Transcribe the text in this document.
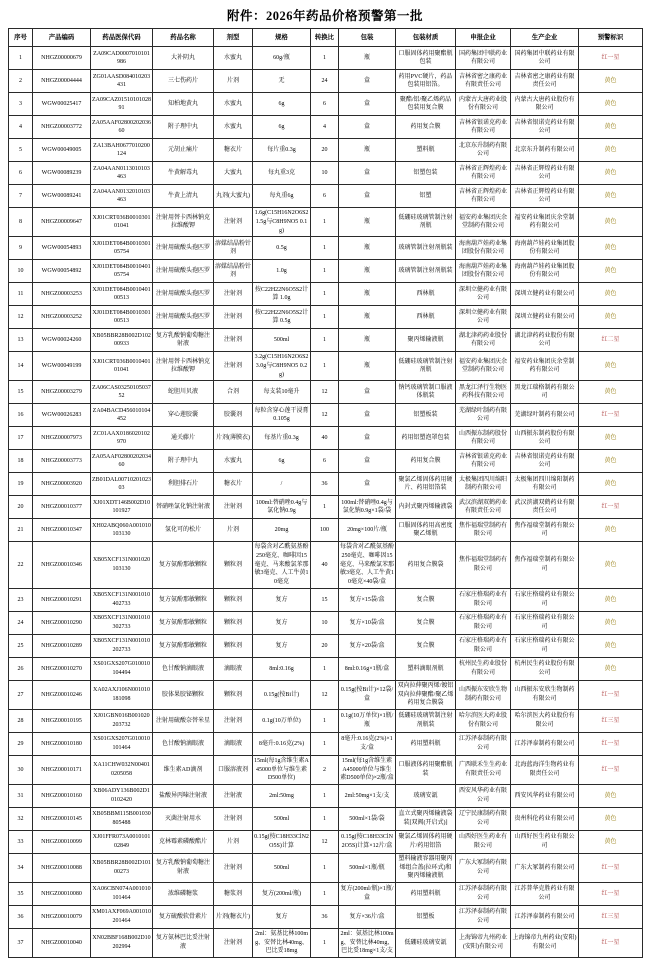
附件：2026年药品价格预警第一批
序号	产品编码	药品医保代码	药品名称	剂型	规格	转换比	包装	包装材质	申报企业	生产企业	预警标识
1	NHGZ00000679	ZA09CAD0007010101986	大补阴丸	水蜜丸	60g/瓶	1	瓶	口服固体药用聚酯瓶包装	国药集团中联药业有限公司	国药集团中联药业有限公司	红一星
2	NHGZ00004444	ZG01AASD084010203431	三七伤药片	片剂	无	24	盒	药用PVC硬片，药品包装用铝箔。	吉林省密之康药业有限责任公司	吉林省密之康药业有限责任公司	黄色
3	WGW00025417	ZA09CAZ0151010102891	知柏地黄丸	水蜜丸	6g	6	盒	聚酯/铝/聚乙烯药品包装用复合膜	内蒙古大唐药业股份有限公司	内蒙古大唐药业股份有限公司	黄色
4	NHGZ00003772	ZA05AAF0280020203660	附子理中丸	水蜜丸	6g	4	盒	药用复合膜	吉林省银诺克药业有限公司	吉林省银诺克药业有限公司	黄色
5	WGW00049005	ZA13BAH0677010200124	元胡止痛片	糖衣片	每片重0.3g	20	瓶	塑料瓶	北京东升制药有限公司	北京东升制药有限公司	黄色
6	WGW00089239	ZA04AAN0113010103463	牛黄解毒丸	大蜜丸	每丸重3克	10	盒	铝塑包装	吉林省正辉煌药业有限公司	吉林省正辉煌药业有限公司	黄色
7	WGW00089241	ZA04AAN0132010103463	牛黄上清丸	丸剂(大蜜丸)	每丸重6g	6	盒	铝塑	吉林省正辉煌药业有限公司	吉林省正辉煌药业有限公司	黄色
8	NHGZ00009647	XJ01CRT036B001030101041	注射用替卡西林钠克拉维酸钾	注射剂	1.6g(C15H16N2O6S2 1.5g与C8H9NO5 0.1g)	1	瓶	低硼硅玻璃管制注射剂瓶	福安药业集团庆余堂制药有限公司	福安药业集团庆余堂制药有限公司	黄色
9	WGW00054893	XJ01DET084B001030105754	注射用硫酸头孢匹罗	溶媒结晶粉针剂	0.5g	1	瓶	玻璃管制注射剂瓶装	海南葫芦娃药业集团股份有限公司	海南葫芦娃药业集团股份有限公司	黄色
10	WGW00054892	XJ01DET084B001040105754	注射用硫酸头孢匹罗	溶媒结晶粉针剂	1.0g	1	瓶	玻璃管制注射剂瓶装	海南葫芦娃药业集团股份有限公司	海南葫芦娃药业集团股份有限公司	黄色
11	NHGZ00003253	XJ01DET084B001040100513	注射用硫酸头孢匹罗	注射剂	按C22H22N6O5S2计算 1.0g	1	瓶	西林瓶	深圳立健药业有限公司	深圳立健药业有限公司	黄色
12	NHGZ00003252	XJ01DET084B001030100513	注射用硫酸头孢匹罗	注射剂	按C22H22N6O5S2计算 0.5g	1	瓶	西林瓶	深圳立健药业有限公司	深圳立健药业有限公司	黄色
13	WGW00024260	XB05BBR28B002D10200933	复方乳酸钠葡萄糖注射液	注射剂	500ml	1	瓶	聚丙烯输液瓶	湖北津药药业股份有限公司	湖北津药药业股份有限公司	红二星
14	WGW00049199	XJ01CRT036B001040101041	注射用替卡西林钠克拉维酸钾	注射剂	3.2g(C15H16N2O6S2 3.0g与C8H9NO5 0.2g)	1	瓶	低硼硅玻璃管制注射剂瓶	福安药业集团庆余堂制药有限公司	福安药业集团庆余堂制药有限公司	黄色
15	NHGZ00003279	ZA06CAS0325010503752	蛇胆川贝液	合剂	每支装10毫升	12	盒	钠钙玻璃管制口服液体瓶装	黑龙江泽行生物医药科技有限公司	黑龙江瑞格制药有限公司	黄色
16	WGW00026283	ZA04BACD456010104452	穿心莲胶囊	胶囊剂	每粒含穿心莲干浸膏0.105g	12	盒	铝塑板装	芜湖绿叶制药有限公司	芜湖绿叶制药有限公司	红一星
17	NHGZ00007973	ZC01AAX0186020102970	通关藤片	片剂(薄膜衣)	每基片重0.3g	40	盒	药用铝塑泡罩包装	山西振东制药股份有限公司	山西振东制药股份有限公司	黄色
18	NHGZ00003773	ZA05AAF0280020203460	附子理中丸	水蜜丸	6g	6	盒	药用复合膜	吉林省银诺克药业有限公司	吉林省银诺克药业有限公司	黄色
19	NHGZ00003920	ZB01DAL0071020102303	利胆排石片	糖衣片	/	36	盒	聚氯乙烯固体药用硬片、药用铝箔装	太极集团四川绵阳制药有限公司	太极集团四川绵阳制药有限公司	黄色
20	NHGZ00010377	XJ01XDT146B002D10101927	替硝唑氯化钠注射液	注射剂	100ml:替硝唑0.4g与氯化钠0.9g	1	100ml:替硝唑0.4g与氯化钠0.9g×1袋/袋	内封式聚丙烯输液袋	武汉滨湖双鹤药业有限责任公司	武汉滨湖双鹤药业有限责任公司	红一星
21	NHGZ00010347	XH02ABQ060A001010103130	氢化可的松片	片剂	20mg	100	20mg×100片/瓶	口服固体药用高密度聚乙烯瓶	焦作福瑞堂制药有限公司	焦作福瑞堂制药有限公司	黄色
22	NHGZ00010346	XB05XCF131N001020103130	复方氨酚那敏颗粒	颗粒剂	每袋含对乙酰氨基酚250毫克、咖啡因15毫克、马来酸氯苯那敏3毫克、人工牛黄10毫克	40	每袋含对乙酰氨基酚250毫克、咖啡因15毫克、马来酸氯苯那敏3毫克、人工牛黄10毫克×40袋/盒	药用复合膜袋	焦作福瑞堂制药有限公司	焦作福瑞堂制药有限公司	黄色
23	NHGZ00010291	XB05XCF131N001010402733	复方氨酚那敏颗粒	颗粒剂	复方	15	复方×15袋/盒	复合膜	石家庄格瑞药业有限公司	石家庄格瑞药业有限公司	黄色
24	NHGZ00010290	XB05XCF131N001010302733	复方氨酚那敏颗粒	颗粒剂	复方	10	复方×10袋/盒	复合膜	石家庄格瑞药业有限公司	石家庄格瑞药业有限公司	黄色
25	NHGZ00010289	XB05XCF131N001010202733	复方氨酚那敏颗粒	颗粒剂	复方	20	复方×20袋/盒	复合膜	石家庄格瑞药业有限公司	石家庄格瑞药业有限公司	黄色
26	NHGZ00010270	XS01GXS207G010010104494	色甘酸钠滴眼液	滴眼液	8ml:0.16g	1	8ml:0.16g×1瓶/盒	塑料滴眼剂瓶	杭州民生药业股份有限公司	杭州民生药业股份有限公司	黄色
27	NHGZ00010246	XA02AXJ106N001010181098	胶体果胶铋颗粒	颗粒剂	0.15g(按Bi计)	12	0.15g(按Bi计)×12袋/盒	双向拉伸聚丙烯/镀铝双向拉伸聚酯/聚乙烯药用复合膜袋	山西振东安欣生物制药有限公司	山西振东安欣生物制药有限公司	红一星
28	NHGZ00010195	XJ01GBN016B001020203732	注射用硫酸奈替米星	注射剂	0.1g(10万单位)	1	0.1g(10万单位)×1瓶/瓶	低硼硅玻璃管制注射剂瓶装	哈尔滨医大药业股份有限公司	哈尔滨医大药业股份有限公司	红三星
29	NHGZ00010180	XS01GXS207G010010101464	色甘酸钠滴眼液	滴眼液	8毫升:0.16克(2%)	1	8毫升:0.16克(2%)×1支/盒	药用塑料瓶	江苏泽泰制药有限公司	江苏泽泰制药有限公司	红一星
30	NHGZ00010171	XA11CHW032N004010205058	维生素AD滴剂	口服溶液剂	15ml(每1g含维生素A45000单位与维生素D500单位)	2	15ml(每1g含维生素A45000单位与维生素D500单位)×2瓶/盒	口服液体药用聚酯瓶装	广西联禾生生药业有限责任公司	北海蓝海洋生物药业有限责任公司	红一星
31	NHGZ00010160	XB06ADY136B002D10102420	盐酸异丙嗪注射液	注射液	2ml:50mg	1	2ml:50mg×1支/支	玻璃安瓿	西安风华药业有限公司	西安风华药业有限公司	黄色
32	NHGZ00010145	XB05BBM115B001030805488	灭菌注射用水	注射剂	500ml	1	500ml×1袋/袋	直立式聚丙烯输液袋装[双阀(开启式)]	辽宁民康制药有限公司	贵州科伦药业有限公司	黄色
33	NHGZ00010099	XJ01FFR073A001010102849	克林霉素磷酸酯片	片剂	0.15g(按C18H33ClN2O5S)计算	12	0.15g(按C18H33ClN2O5S)计算×12片/盒	聚氯乙烯固体药用硬片/药用铝箔	山西好医生药业有限公司	山西好医生药业有限公司	黄色
34	NHGZ00010088	XB05BBR28B002D10100273	复方乳酸钠葡萄糖注射液	注射剂	500ml	1	500ml×1瓶/瓶	塑料输液容器用聚丙烯组合盖(拉环式)和聚丙烯输液瓶	广东大冢制药有限公司	广东大冢制药有限公司	红一星
35	NHGZ00010080	XA06CBN074A001010101464	浓维磷糖浆	糖浆剂	复方(200ml/瓶)	1	复方(200ml/瓶)×1瓶/盒	药用塑料瓶	江苏泽泰制药有限公司	江苏普华克胜药业有限公司	红一星
36	NHGZ00010079	XM01AXF069A001010201464	复方硫酸软骨素片	片剂(糖衣片)	复方	36	复方×36片/盒	铝塑板	江苏泽泰制药有限公司	江苏泽泰制药有限公司	红三星
37	NHGZ00010040	XN02BBF168B002D10202994	复方氨林巴比妥注射液	注射剂	2ml：氨基比林100mg、安替比林40mg、巴比妥18mg	1	2ml：氨基比林100mg、安替比林40mg、巴比妥18mg×1支/支	低硼硅玻璃安瓿	上海锦帝九州药业(安阳)有限公司	上海锦帝九州药业(安阳)有限公司	红一星
